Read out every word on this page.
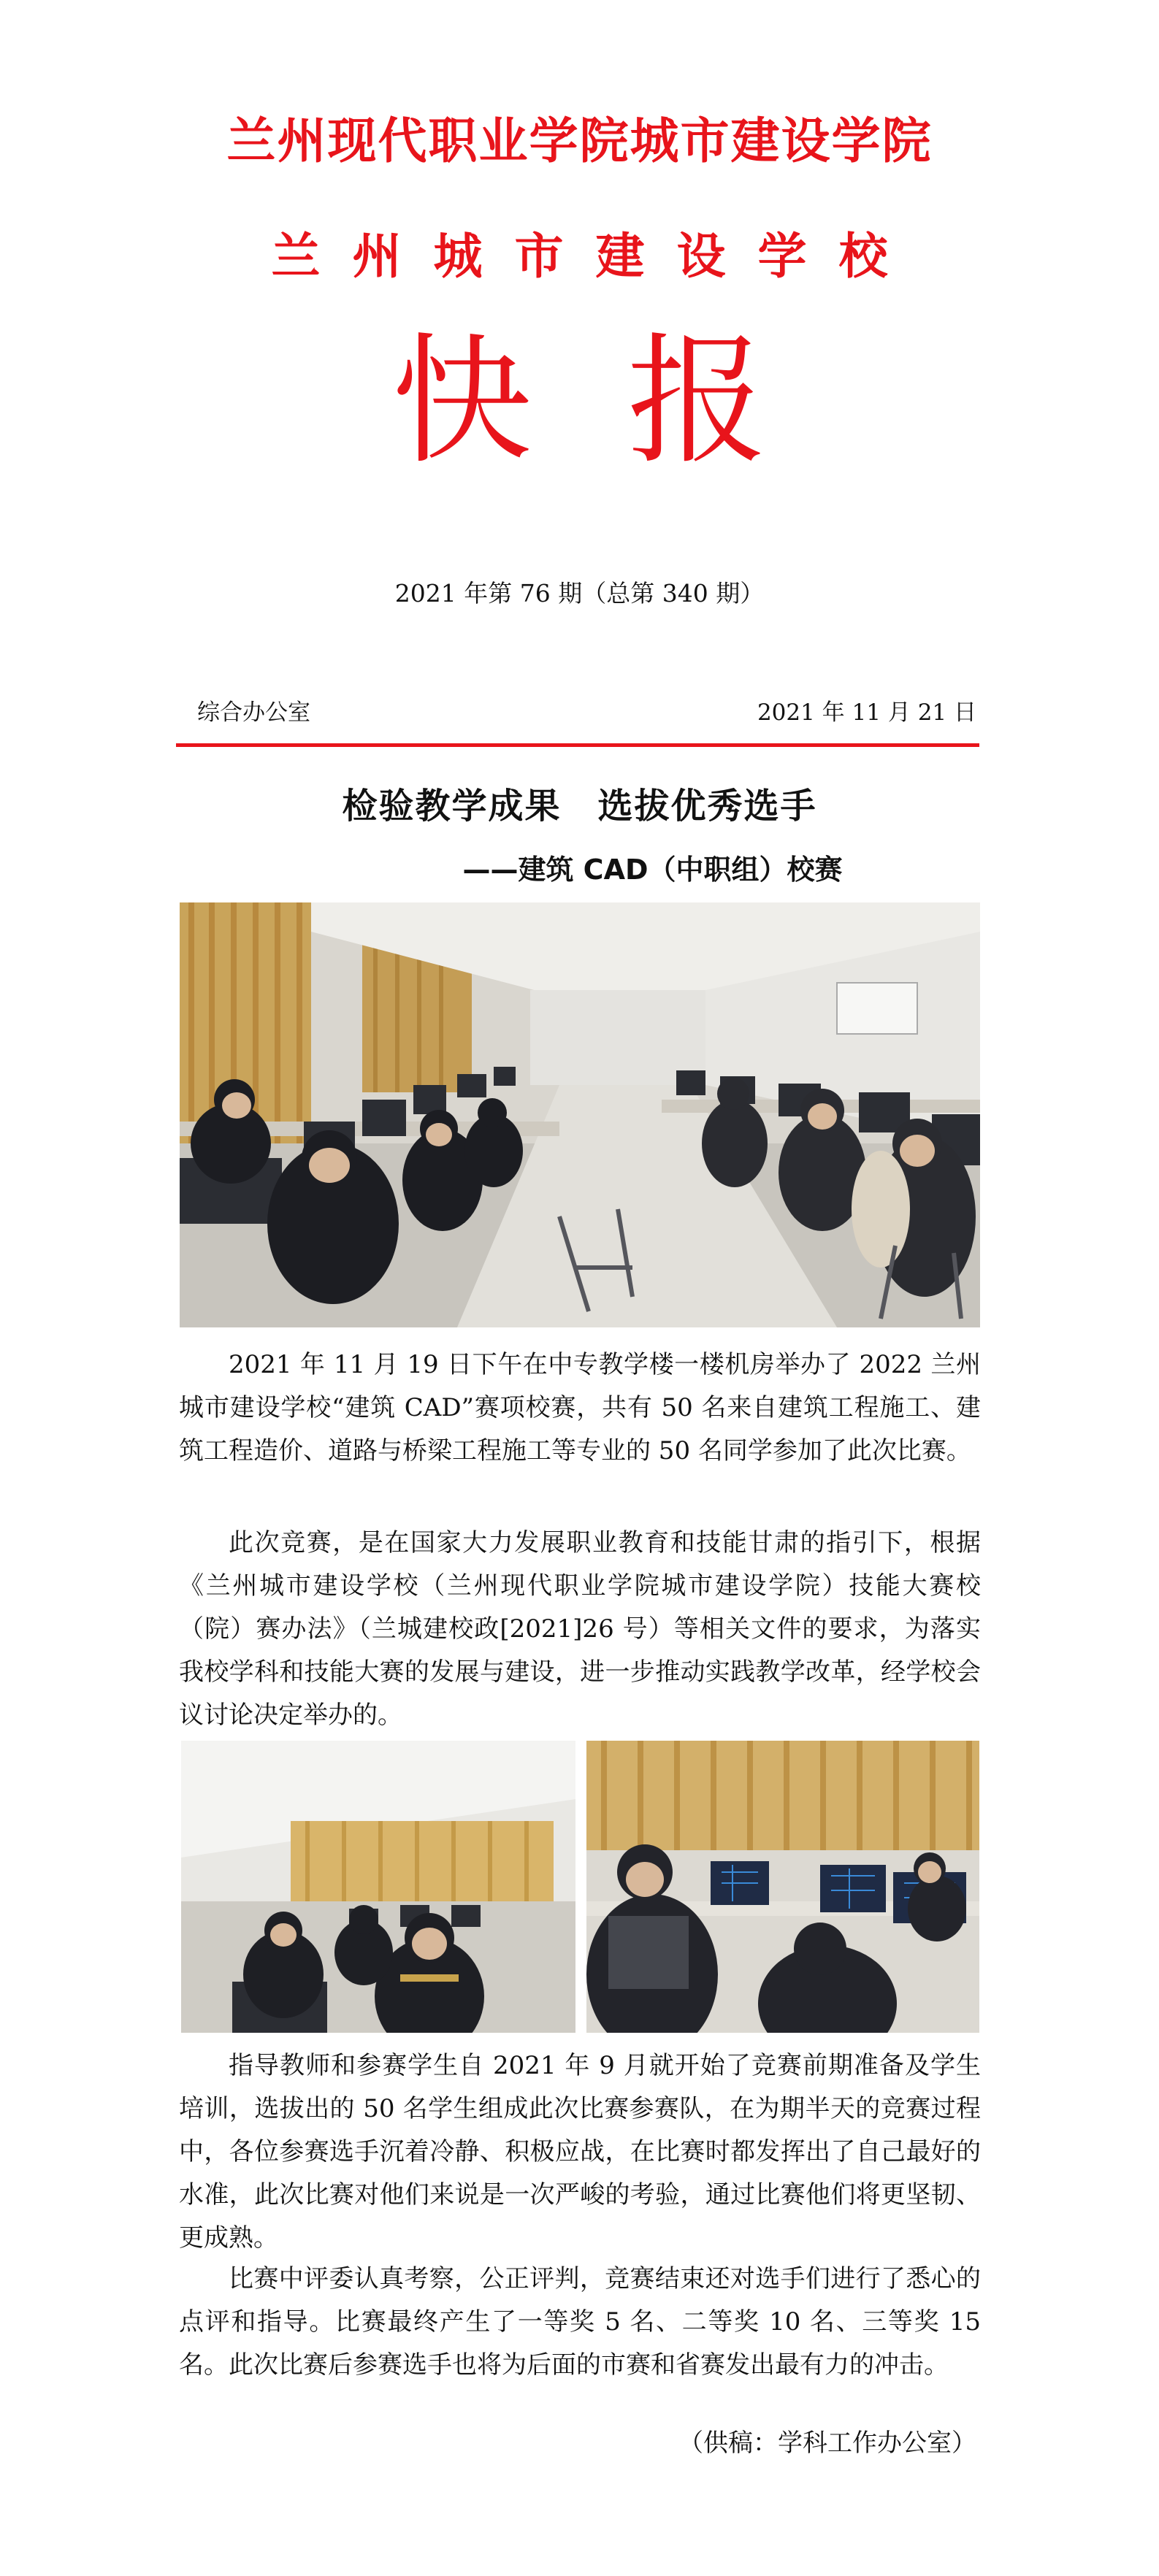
兰州现代职业学院城市建设学院
兰州城市建设学校
快报
2021 年第 76 期（总第 340 期）
综合办公室	2021 年 11 月 21 日
检验教学成果　选拔优秀选手
——建筑 CAD（中职组）校赛
2021 年 11 月 19 日下午在中专教学楼一楼机房举办了 2022 兰州城市建设学校“建筑 CAD”赛项校赛，共有 50 名来自建筑工程施工、建筑工程造价、道路与桥梁工程施工等专业的 50 名同学参加了此次比赛。
此次竞赛，是在国家大力发展职业教育和技能甘肃的指引下，根据《兰州城市建设学校（兰州现代职业学院城市建设学院）技能大赛校（院）赛办法》（兰城建校政[2021]26 号）等相关文件的要求，为落实我校学科和技能大赛的发展与建设，进一步推动实践教学改革，经学校会议讨论决定举办的。
指导教师和参赛学生自 2021 年 9 月就开始了竞赛前期准备及学生培训，选拔出的 50 名学生组成此次比赛参赛队，在为期半天的竞赛过程中，各位参赛选手沉着冷静、积极应战，在比赛时都发挥出了自己最好的水准，此次比赛对他们来说是一次严峻的考验，通过比赛他们将更坚韧、更成熟。
比赛中评委认真考察，公正评判，竞赛结束还对选手们进行了悉心的点评和指导。比赛最终产生了一等奖 5 名、二等奖 10 名、三等奖 15 名。此次比赛后参赛选手也将为后面的市赛和省赛发出最有力的冲击。
（供稿：学科工作办公室）
